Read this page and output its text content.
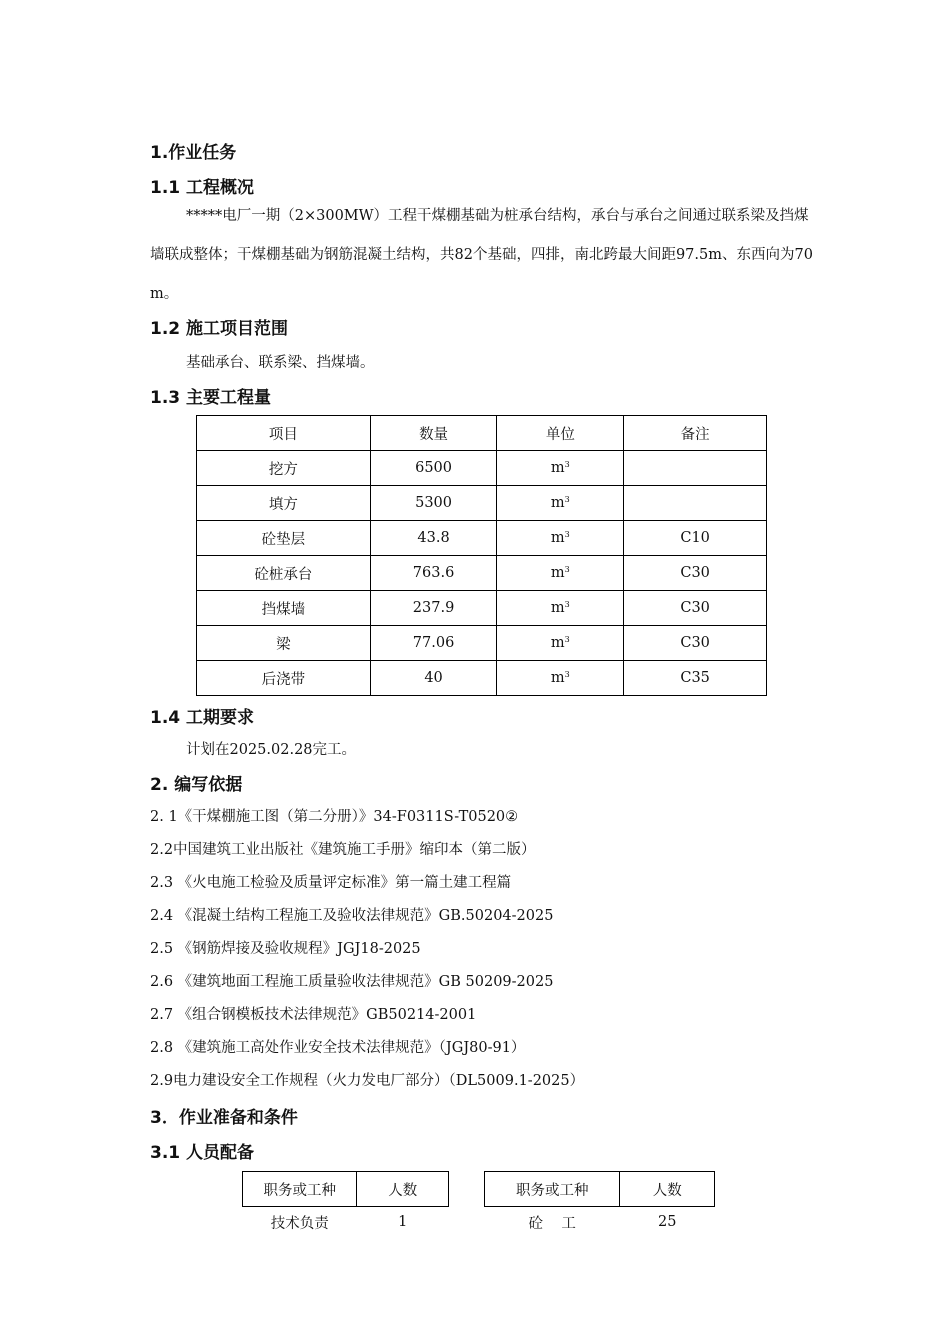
1.作业任务
1.1 工程概况
*****电厂一期（2×300MW）工程干煤棚基础为桩承台结构，承台与承台之间通过联系梁及挡煤墙联成整体；干煤棚基础为钢筋混凝土结构，共82个基础，四排，南北跨最大间距97.5m、东西向为70 m。
1.2 施工项目范围
基础承台、联系梁、挡煤墙。
1.3 主要工程量
项目	数量	单位	备注
挖方	6500	$m^3$	
填方	5300	$m^3$	
砼垫层	43.8	$m^3$	C10
砼桩承台	763.6	$m^3$	C30
挡煤墙	237.9	$m^3$	C30
梁	77.06	$m^3$	C30
后浇带	40	$m^3$	C35
1.4 工期要求
计划在2025.02.28完工。
2. 编写依据
2. 1《干煤棚施工图（第二分册）》34-F0311S-T0520②
2.2中国建筑工业出版社《建筑施工手册》缩印本（第二版）
2.3 《火电施工检验及质量评定标准》第一篇土建工程篇
2.4 《混凝土结构工程施工及验收法律规范》GB.50204-2025
2.5 《钢筋焊接及验收规程》JGJ18-2025
2.6 《建筑地面工程施工质量验收法律规范》GB 50209-2025
2.7 《组合钢模板技术法律规范》GB50214-2001
2.8 《建筑施工高处作业安全技术法律规范》（JGJ80-91）
2.9电力建设安全工作规程（火力发电厂部分）（DL5009.1-2025）
3．作业准备和条件
3.1 人员配备
职务或工种	人数
技术负责	1
职务或工种	人数
砼    工	25
